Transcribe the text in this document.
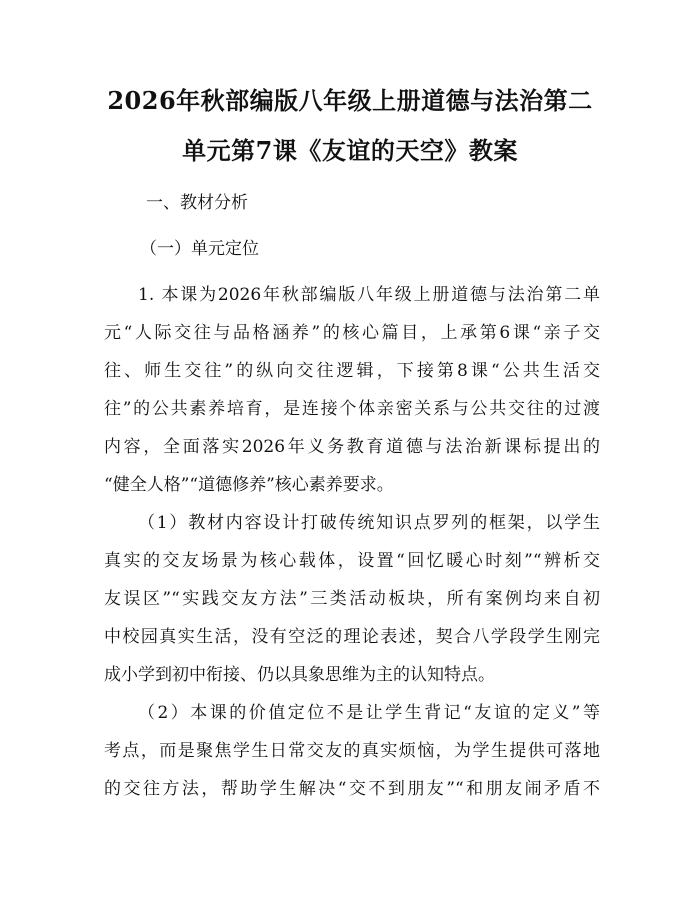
2026年秋部编版八年级上册道德与法治第二
单元第7课《友谊的天空》教案
一、教材分析
（一）单元定位
1. 本课为2026年秋部编版八年级上册道德与法治第二单
元“人际交往与品格涵养”的核心篇目，上承第6课“亲子交
往、师生交往”的纵向交往逻辑，下接第8课“公共生活交
往”的公共素养培育，是连接个体亲密关系与公共交往的过渡
内容，全面落实2026年义务教育道德与法治新课标提出的
“健全人格”“道德修养”核心素养要求。
（1）教材内容设计打破传统知识点罗列的框架，以学生
真实的交友场景为核心载体，设置“回忆暖心时刻”“辨析交
友误区”“实践交友方法”三类活动板块，所有案例均来自初
中校园真实生活，没有空泛的理论表述，契合八学段学生刚完
成小学到初中衔接、仍以具象思维为主的认知特点。
（2）本课的价值定位不是让学生背记“友谊的定义”等
考点，而是聚焦学生日常交友的真实烦恼，为学生提供可落地
的交往方法，帮助学生解决“交不到朋友”“和朋友闹矛盾不
